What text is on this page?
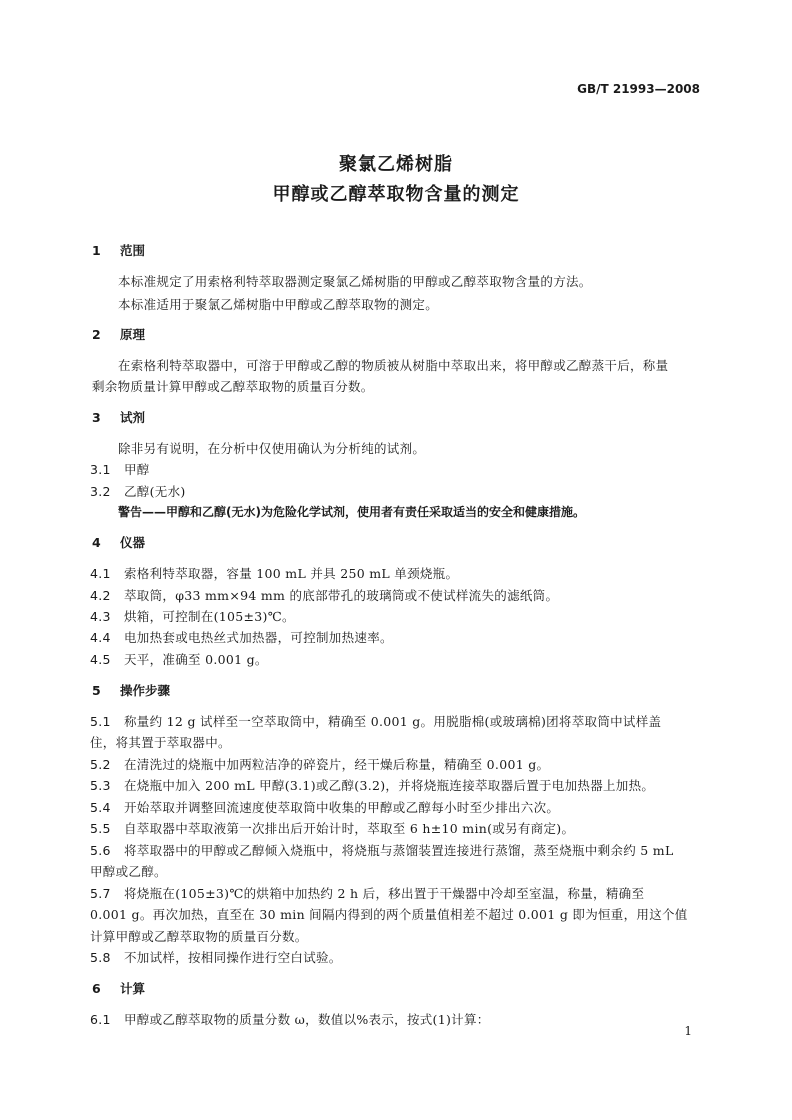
GB/T 21993—2008
聚氯乙烯树脂
甲醇或乙醇萃取物含量的测定
1 范围
本标准规定了用索格利特萃取器测定聚氯乙烯树脂的甲醇或乙醇萃取物含量的方法。
本标准适用于聚氯乙烯树脂中甲醇或乙醇萃取物的测定。
2 原理
在索格利特萃取器中，可溶于甲醇或乙醇的物质被从树脂中萃取出来，将甲醇或乙醇蒸干后，称量
剩余物质量计算甲醇或乙醇萃取物的质量百分数。
3 试剂
除非另有说明，在分析中仅使用确认为分析纯的试剂。
3.1 甲醇
3.2 乙醇(无水)
警告——甲醇和乙醇(无水)为危险化学试剂，使用者有责任采取适当的安全和健康措施。
4 仪器
4.1 索格利特萃取器，容量 100 mL 并具 250 mL 单颈烧瓶。
4.2 萃取筒，φ33 mm×94 mm 的底部带孔的玻璃筒或不使试样流失的滤纸筒。
4.3 烘箱，可控制在(105±3)℃。
4.4 电加热套或电热丝式加热器，可控制加热速率。
4.5 天平，准确至 0.001 g。
5 操作步骤
5.1 称量约 12 g 试样至一空萃取筒中，精确至 0.001 g。用脱脂棉(或玻璃棉)团将萃取筒中试样盖
住，将其置于萃取器中。
5.2 在清洗过的烧瓶中加两粒洁净的碎瓷片，经干燥后称量，精确至 0.001 g。
5.3 在烧瓶中加入 200 mL 甲醇(3.1)或乙醇(3.2)，并将烧瓶连接萃取器后置于电加热器上加热。
5.4 开始萃取并调整回流速度使萃取筒中收集的甲醇或乙醇每小时至少排出六次。
5.5 自萃取器中萃取液第一次排出后开始计时，萃取至 6 h±10 min(或另有商定)。
5.6 将萃取器中的甲醇或乙醇倾入烧瓶中，将烧瓶与蒸馏装置连接进行蒸馏，蒸至烧瓶中剩余约 5 mL
甲醇或乙醇。
5.7 将烧瓶在(105±3)℃的烘箱中加热约 2 h 后，移出置于干燥器中冷却至室温，称量，精确至
0.001 g。再次加热，直至在 30 min 间隔内得到的两个质量值相差不超过 0.001 g 即为恒重，用这个值
计算甲醇或乙醇萃取物的质量百分数。
5.8 不加试样，按相同操作进行空白试验。
6 计算
6.1 甲醇或乙醇萃取物的质量分数 ω，数值以%表示，按式(1)计算：
1
